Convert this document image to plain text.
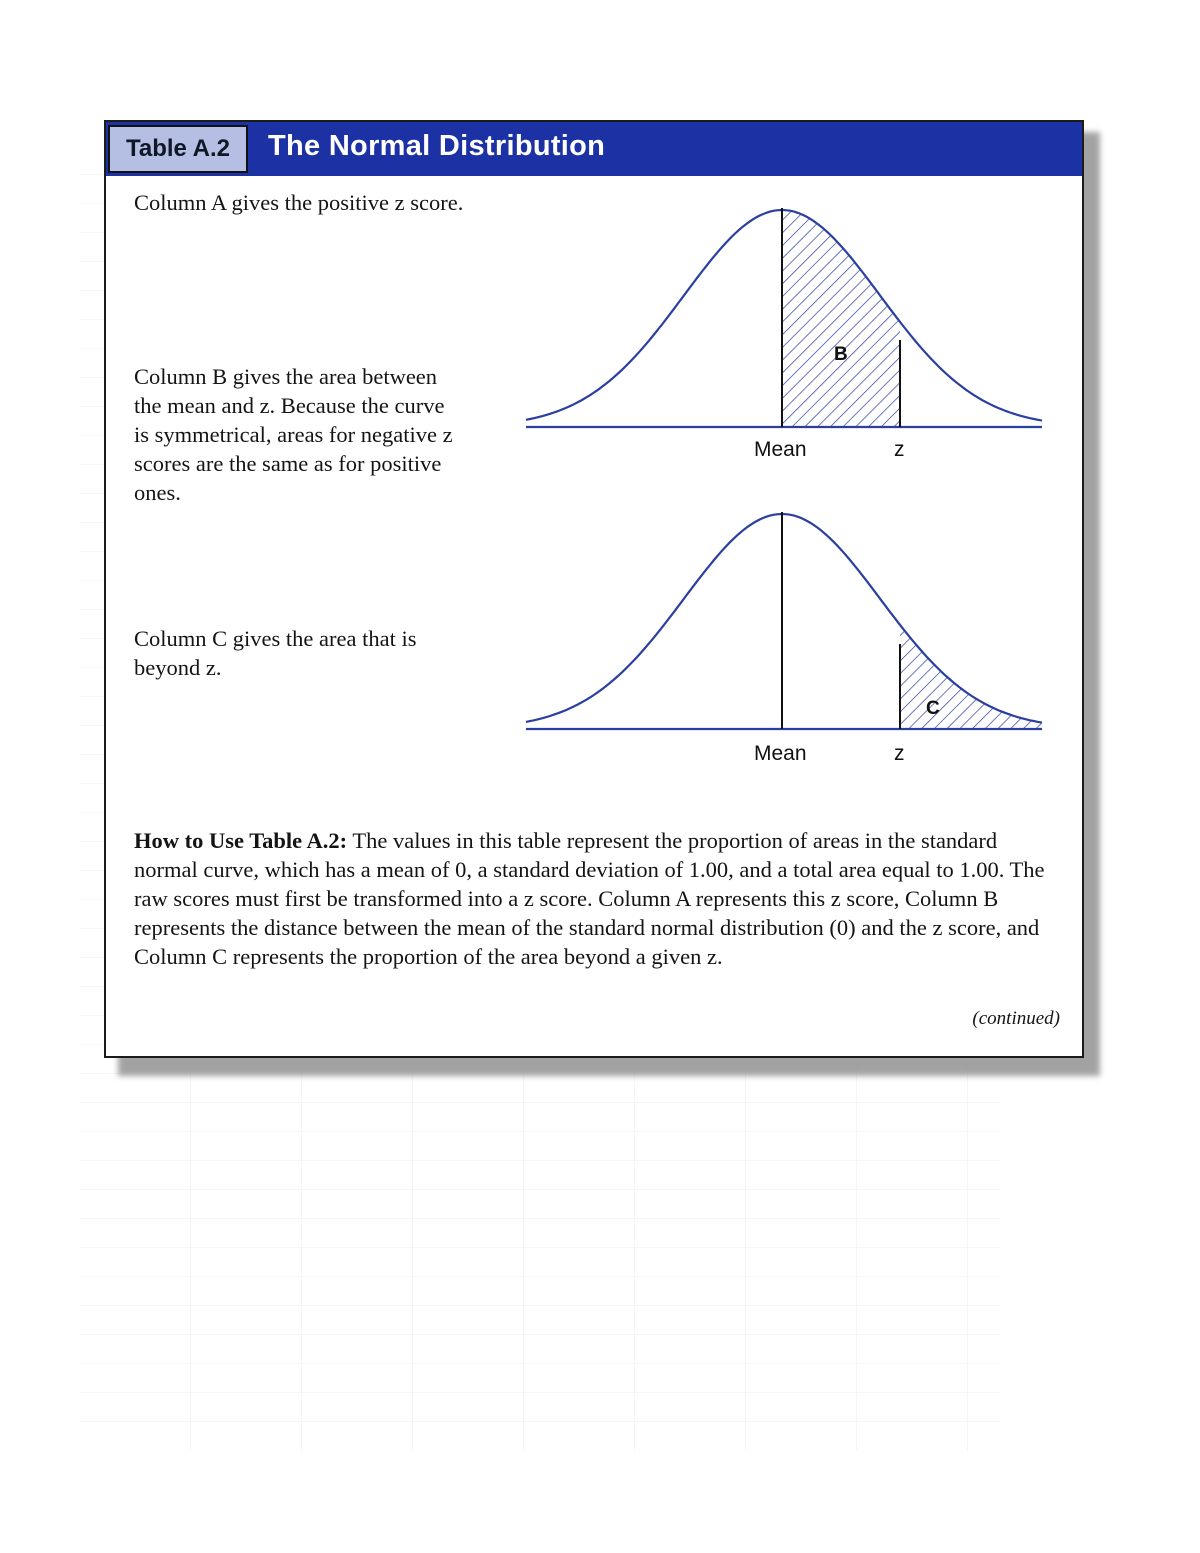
Table A.2	The Normal Distribution
Column A gives the positive z score.
Column B gives the area between the mean and z. Because the curve is symmetrical, areas for negative z scores are the same as for positive ones.
Column C gives the area that is beyond z.
B
Mean	z
C
Mean	z
How to Use Table A.2: The values in this table represent the proportion of areas in the standard normal curve, which has a mean of 0, a standard deviation of 1.00, and a total area equal to 1.00. The raw scores must first be transformed into a z score. Column A represents this z score, Column B represents the distance between the mean of the standard normal distribution (0) and the z score, and Column C represents the proportion of the area beyond a given z.
(continued)
